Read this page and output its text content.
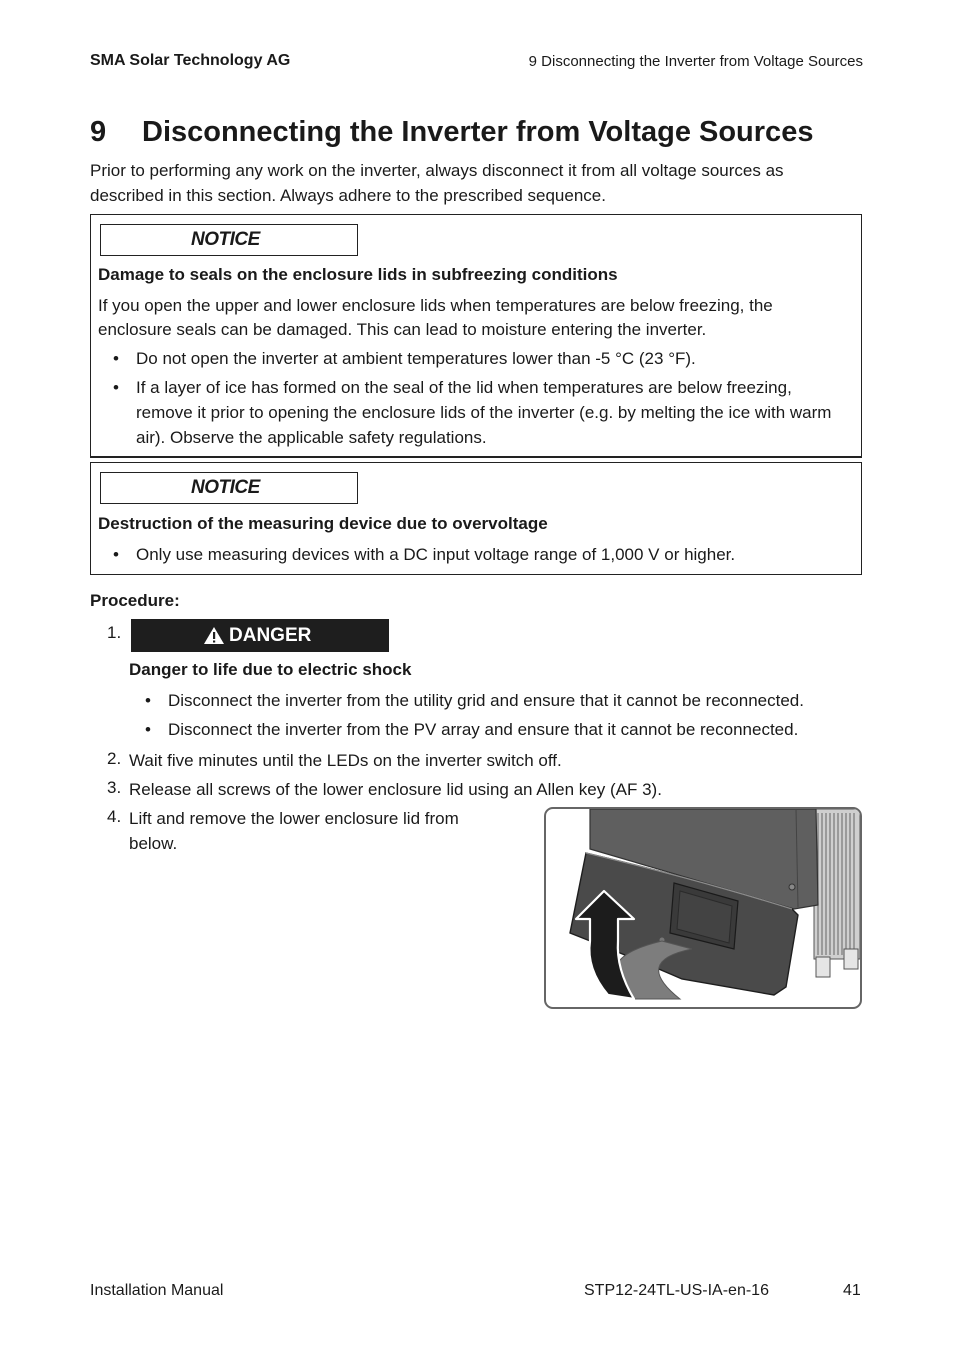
SMA Solar Technology AG	9 Disconnecting the Inverter from Voltage Sources
9 Disconnecting the Inverter from Voltage Sources
Prior to performing any work on the inverter, always disconnect it from all voltage sources as described in this section. Always adhere to the prescribed sequence.
NOTICE
Damage to seals on the enclosure lids in subfreezing conditions
If you open the upper and lower enclosure lids when temperatures are below freezing, the enclosure seals can be damaged. This can lead to moisture entering the inverter.
• Do not open the inverter at ambient temperatures lower than -5 °C (23 °F).
• If a layer of ice has formed on the seal of the lid when temperatures are below freezing, remove it prior to opening the enclosure lids of the inverter (e.g. by melting the ice with warm air). Observe the applicable safety regulations.
NOTICE
Destruction of the measuring device due to overvoltage
• Only use measuring devices with a DC input voltage range of 1,000 V or higher.
Procedure:
1.	DANGER
Danger to life due to electric shock
• Disconnect the inverter from the utility grid and ensure that it cannot be reconnected.
• Disconnect the inverter from the PV array and ensure that it cannot be reconnected.
2. Wait five minutes until the LEDs on the inverter switch off.
3. Release all screws of the lower enclosure lid using an Allen key (AF 3).
4. Lift and remove the lower enclosure lid from below.
Installation Manual	STP12-24TL-US-IA-en-16	41
